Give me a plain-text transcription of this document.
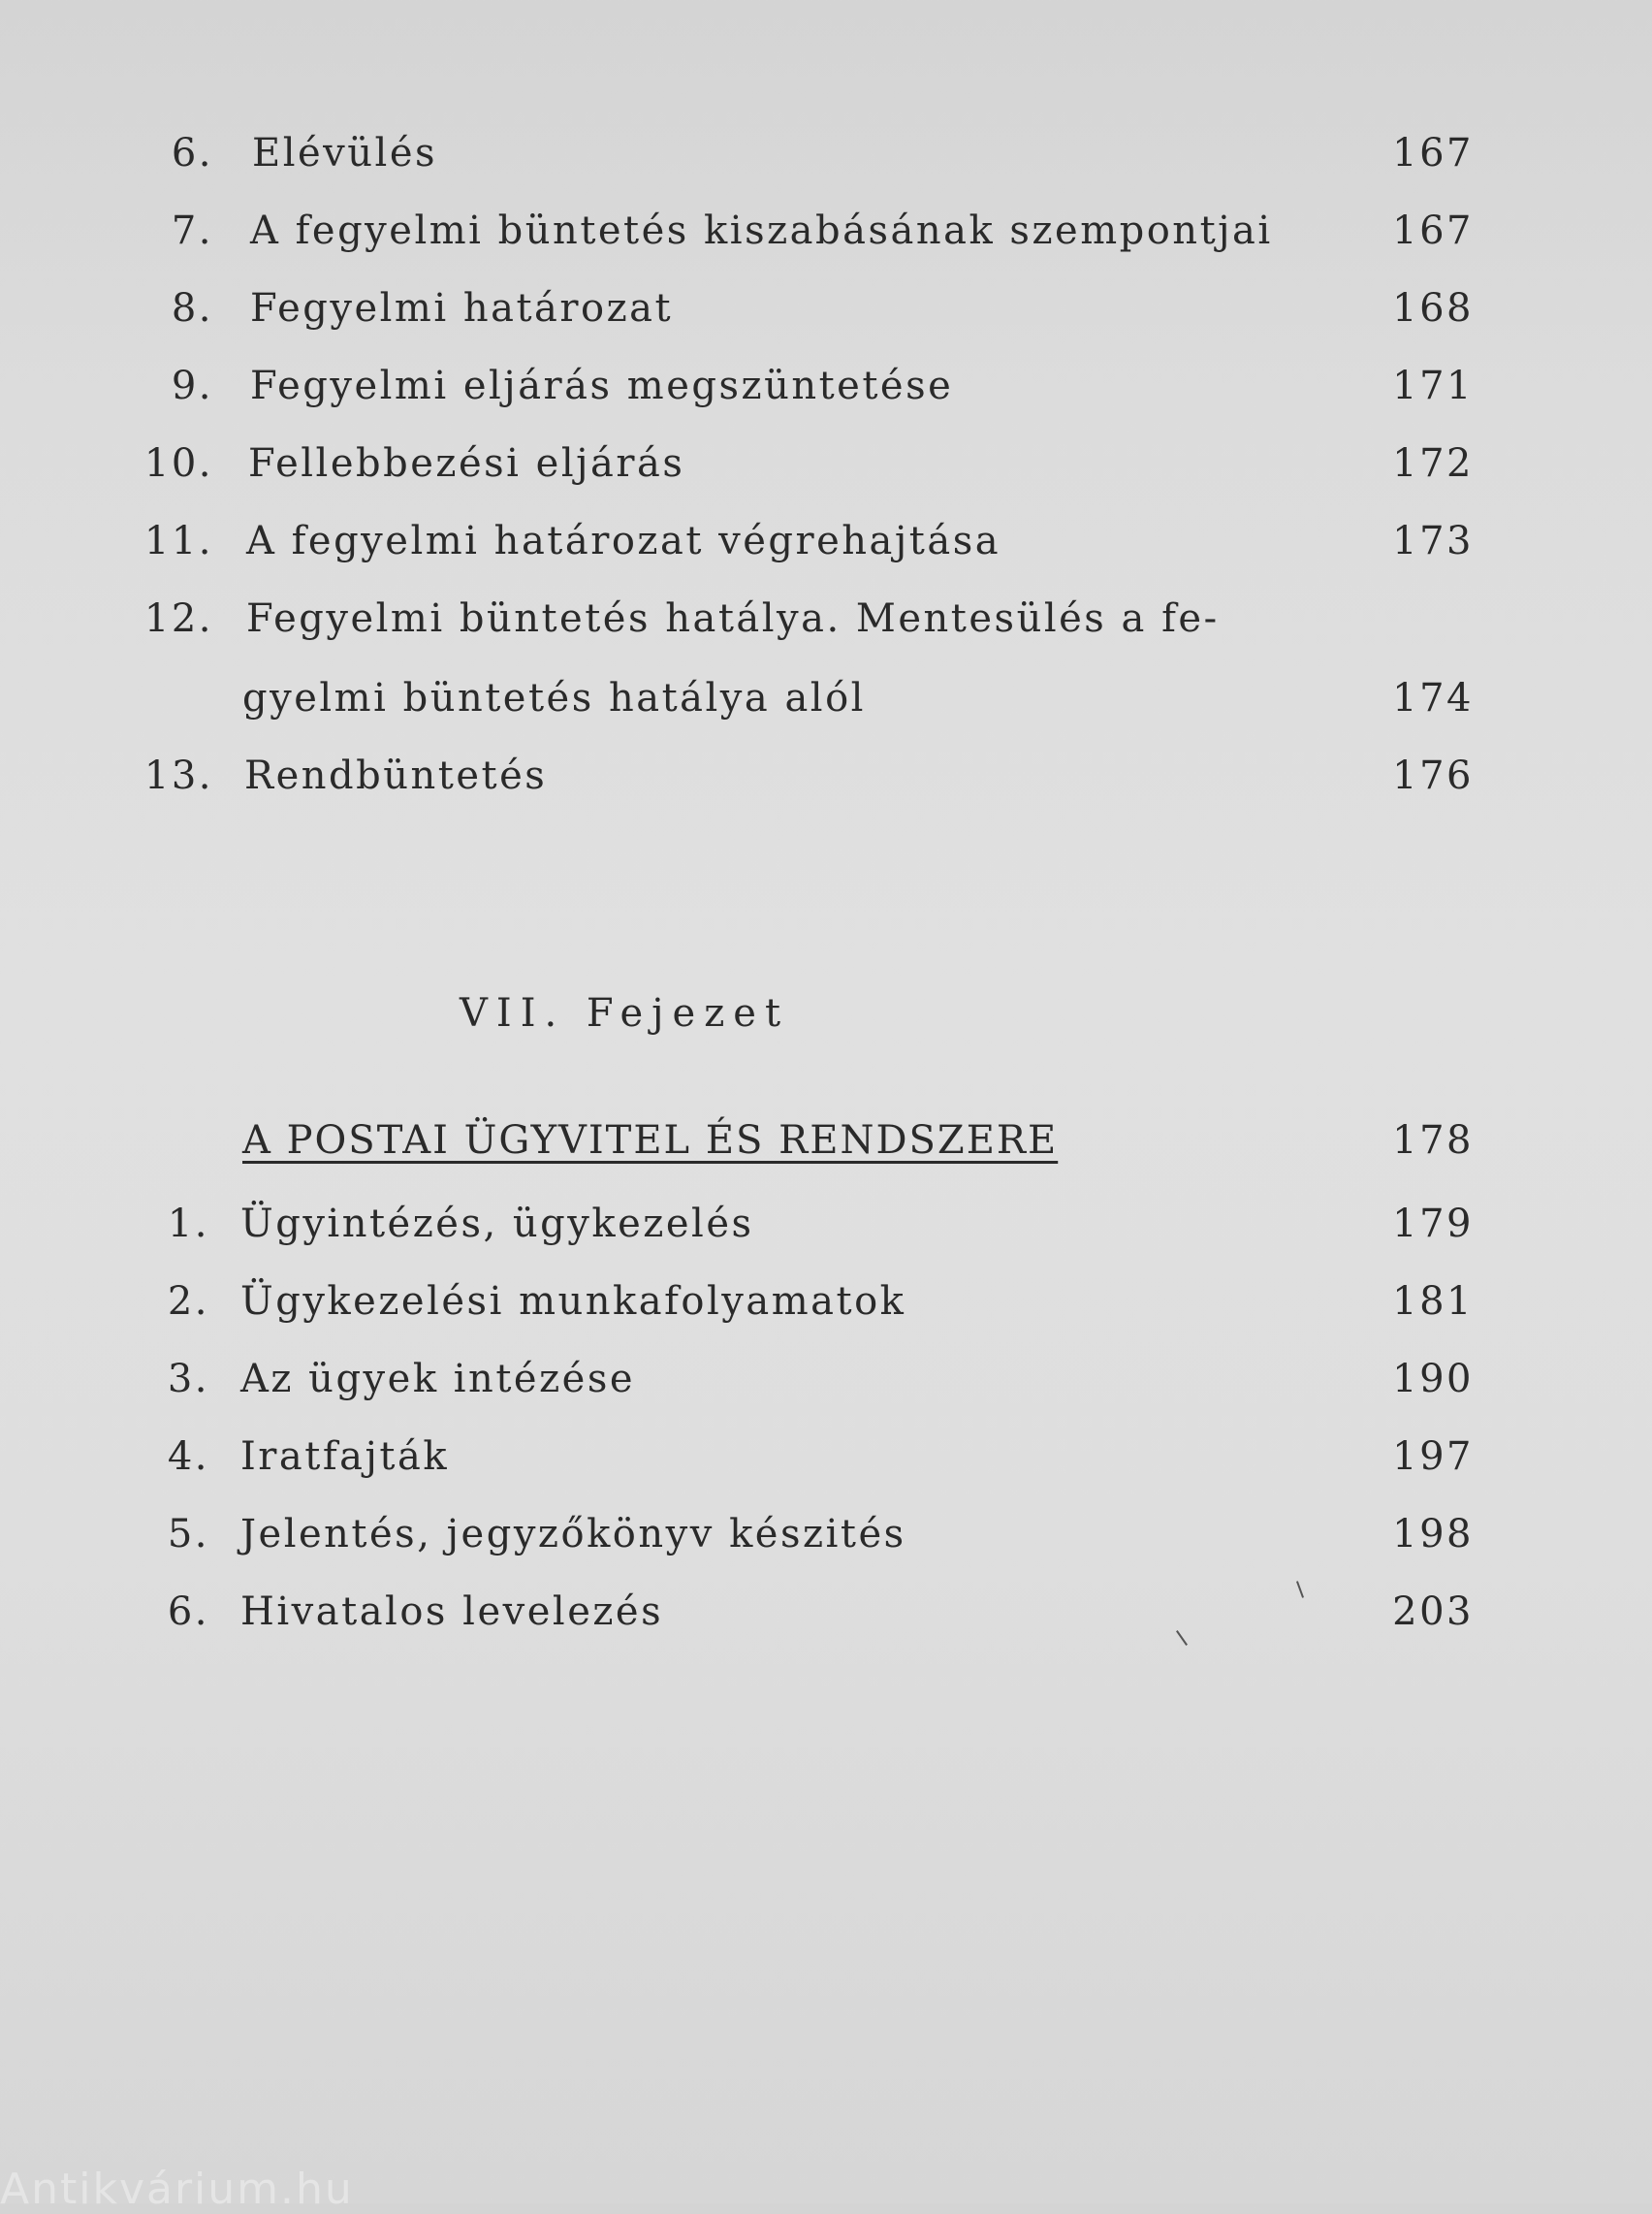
6. Elévülés	167
7. A fegyelmi büntetés kiszabásának szempontjai	167
8. Fegyelmi határozat	168
9. Fegyelmi eljárás megszüntetése	171
10. Fellebbezési eljárás	172
11. A fegyelmi határozat végrehajtása	173
12. Fegyelmi büntetés hatálya. Mentesülés a fe-
gyelmi büntetés hatálya alól	174
13. Rendbüntetés	176
VII. Fejezet
A POSTAI ÜGYVITEL ÉS RENDSZERE	178
1. Ügyintézés, ügykezelés	179
2. Ügykezelési munkafolyamatok	181
3. Az ügyek intézése	190
4. Iratfajták	197
5. Jelentés, jegyzőkönyv készités	198
6. Hivatalos levelezés	203
Antikvárium.hu
